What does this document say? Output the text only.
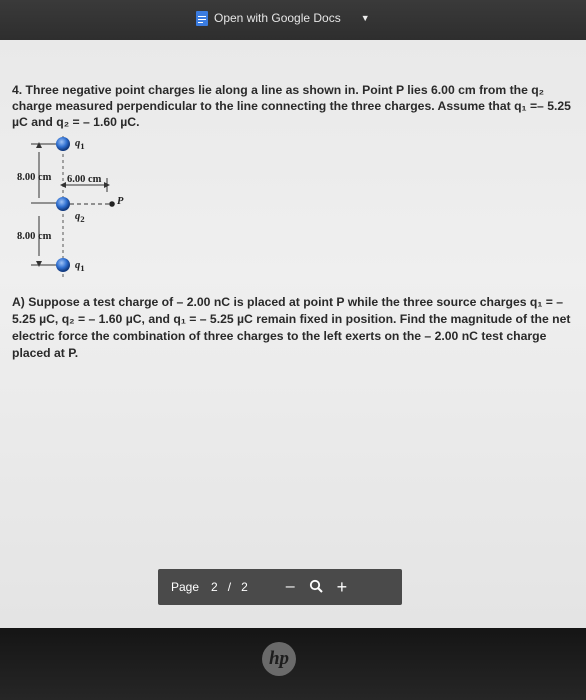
Open with Google Docs ▼
4. Three negative point charges lie along a line as shown in. Point P lies 6.00 cm from the q₂ charge measured perpendicular to the line connecting the three charges. Assume that q₁ =– 5.25 µC and q₂ = – 1.60 µC.
$q_1$
8.00 cm 6.00 cm
P
$q_2$
8.00 cm
$q_1$
A) Suppose a test charge of – 2.00 nC is placed at point P while the three source charges q₁ = – 5.25 µC, q₂ = – 1.60 µC, and q₁ = – 5.25 µC remain fixed in position. Find the magnitude of the net electric force the combination of three charges to the left exerts on the – 2.00 nC test charge placed at P.
Page 2 / 2 – +
hp
